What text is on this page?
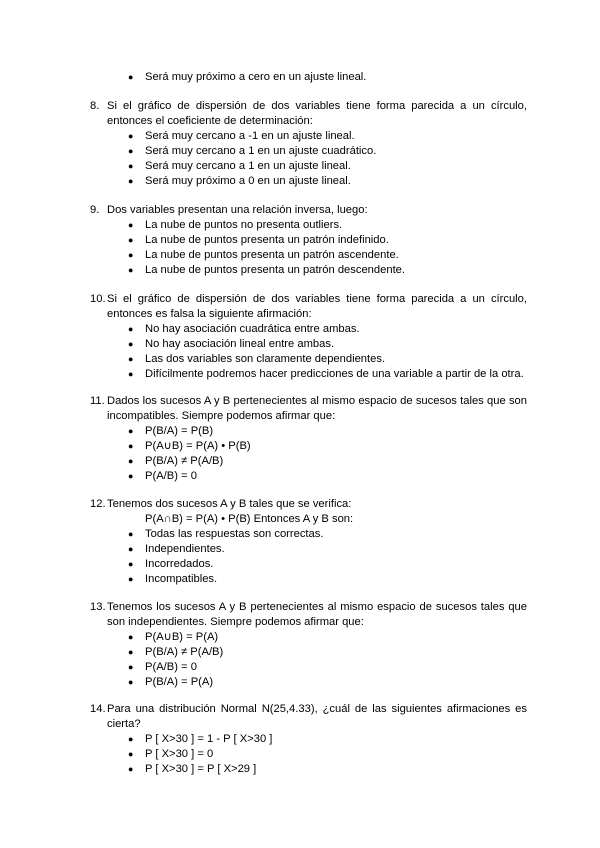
● Será muy próximo a cero en un ajuste lineal.
8. Si el gráfico de dispersión de dos variables tiene forma parecida a un círculo, entonces el coeficiente de determinación:
● Será muy cercano a -1 en un ajuste lineal.
● Será muy cercano a 1 en un ajuste cuadrático.
● Será muy cercano a 1 en un ajuste lineal.
● Será muy próximo a 0 en un ajuste lineal.
9. Dos variables presentan una relación inversa, luego:
● La nube de puntos no presenta outliers.
● La nube de puntos presenta un patrón indefinido.
● La nube de puntos presenta un patrón ascendente.
● La nube de puntos presenta un patrón descendente.
10. Si el gráfico de dispersión de dos variables tiene forma parecida a un círculo, entonces es falsa la siguiente afirmación:
● No hay asociación cuadrática entre ambas.
● No hay asociación lineal entre ambas.
● Las dos variables son claramente dependientes.
● Difícilmente podremos hacer predicciones de una variable a partir de la otra.
11. Dados los sucesos A y B pertenecientes al mismo espacio de sucesos tales que son incompatibles. Siempre podemos afirmar que:
● P(B/A) = P(B)
● P(A∪B) = P(A) • P(B)
● P(B/A) ≠ P(A/B)
● P(A/B) = 0
12. Tenemos dos sucesos A y B tales que se verifica:
P(A∩B) = P(A) • P(B) Entonces A y B son:
● Todas las respuestas son correctas.
● Independientes.
● Incorredados.
● Incompatibles.
13. Tenemos los sucesos A y B pertenecientes al mismo espacio de sucesos tales que son independientes. Siempre podemos afirmar que:
● P(A∪B) = P(A)
● P(B/A) ≠ P(A/B)
● P(A/B) = 0
● P(B/A) = P(A)
14. Para una distribución Normal N(25,4.33), ¿cuál de las siguientes afirmaciones es cierta?
● P [ X>30 ] = 1 - P [ X>30 ]
● P [ X>30 ] = 0
● P [ X>30 ] = P [ X>29 ]
